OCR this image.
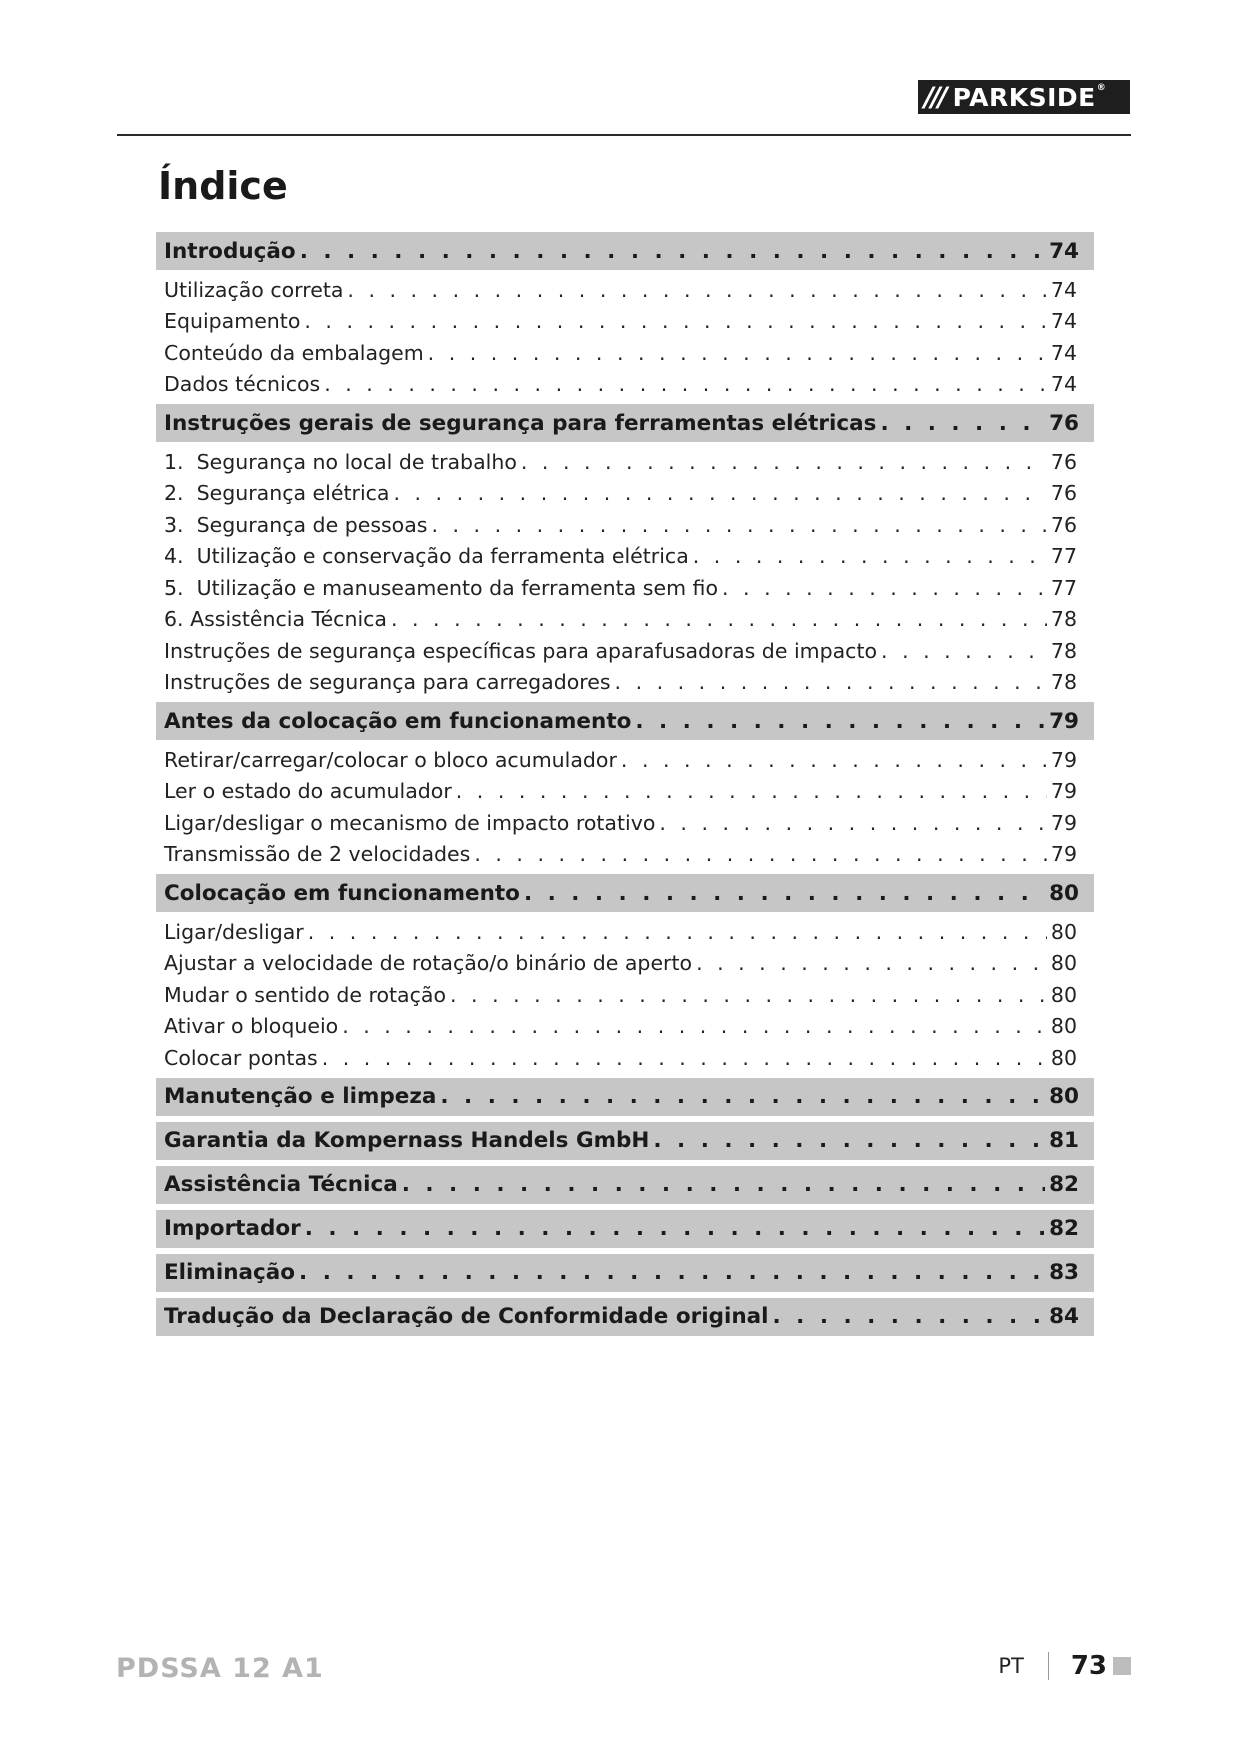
/// PARKSIDE ®
Índice
Introdução . . .	74
Utilização correta . . .	74
Equipamento . . .	74
Conteúdo da embalagem . . .	74
Dados técnicos . . .	74
Instruções gerais de segurança para ferramentas elétricas . . .	76
1.  Segurança no local de trabalho . . .	76
2.  Segurança elétrica . . .	76
3.  Segurança de pessoas . . .	76
4.  Utilização e conservação da ferramenta elétrica . . .	77
5.  Utilização e manuseamento da ferramenta sem fio . . .	77
6. Assistência Técnica . . .	78
Instruções de segurança específicas para aparafusadoras de impacto . . .	78
Instruções de segurança para carregadores . . .	78
Antes da colocação em funcionamento . . .	79
Retirar/carregar/colocar o bloco acumulador . . .	79
Ler o estado do acumulador . . .	79
Ligar/desligar o mecanismo de impacto rotativo . . .	79
Transmissão de 2 velocidades . . .	79
Colocação em funcionamento . . .	80
Ligar/desligar . . .	80
Ajustar a velocidade de rotação/o binário de aperto . . .	80
Mudar o sentido de rotação . . .	80
Ativar o bloqueio . . .	80
Colocar pontas . . .	80
Manutenção e limpeza . . .	80
Garantia da Kompernass Handels GmbH . . .	81
Assistência Técnica . . .	82
Importador . . .	82
Eliminação . . .	83
Tradução da Declaração de Conformidade original . . .	84
PDSSA 12 A1	PT 73
